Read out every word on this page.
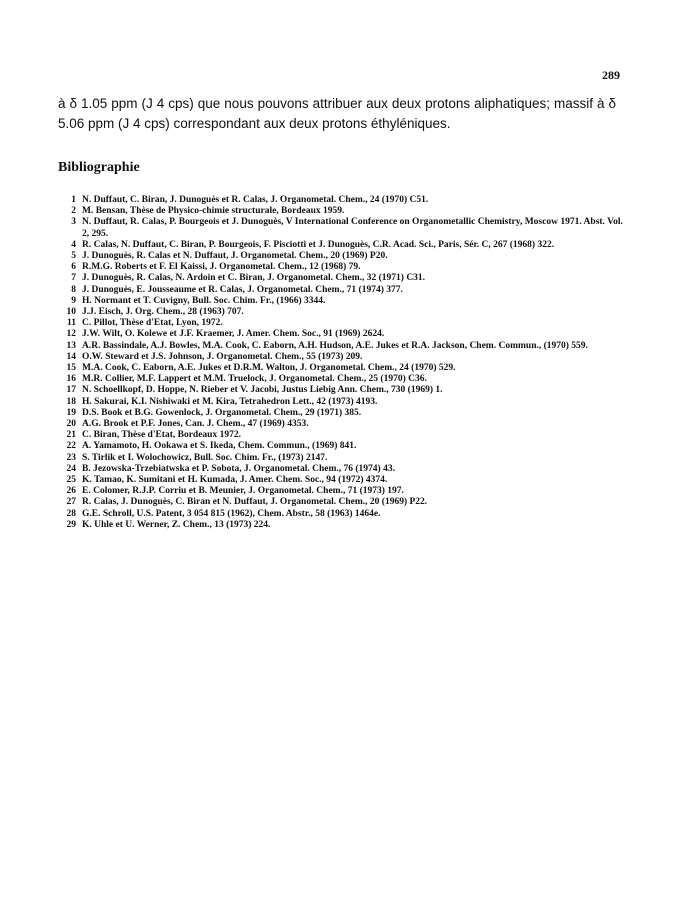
289

à δ 1.05 ppm (J 4 cps) que nous pouvons attribuer aux deux protons aliphatiques; massif à δ 5.06 ppm (J 4 cps) correspondant aux deux protons éthyléniques.

Bibliographie
1 N. Duffaut, C. Biran, J. Dunoguès et R. Calas, J. Organometal. Chem., 24 (1970) C51.
2 M. Bensan, Thèse de Physico-chimie structurale, Bordeaux 1959.
3 N. Duffaut, R. Calas, P. Bourgeois et J. Dunoguès, V International Conference on Organometallic Chemistry, Moscow 1971. Abst. Vol. 2, 295.
4 R. Calas, N. Duffaut, C. Biran, P. Bourgeois, F. Pisciotti et J. Dunoguès, C.R. Acad. Sci., Paris, Sér. C, 267 (1968) 322.
5 J. Dunoguès, R. Calas et N. Duffaut, J. Organometal. Chem., 20 (1969) P20.
6 R.M.G. Roberts et F. El Kaissi, J. Organometal. Chem., 12 (1968) 79.
7 J. Dunoguès, R. Calas, N. Ardoin et C. Biran, J. Organometal. Chem., 32 (1971) C31.
8 J. Dunoguès, E. Jousseaume et R. Calas, J. Organometal. Chem., 71 (1974) 377.
9 H. Normant et T. Cuvigny, Bull. Soc. Chim. Fr., (1966) 3344.
10 J.J. Eisch, J. Org. Chem., 28 (1963) 707.
11 C. Pillot, Thèse d'Etat, Lyon, 1972.
12 J.W. Wilt, O. Kolewe et J.F. Kraemer, J. Amer. Chem. Soc., 91 (1969) 2624.
13 A.R. Bassindale, A.J. Bowles, M.A. Cook, C. Eaborn, A.H. Hudson, A.E. Jukes et R.A. Jackson, Chem. Commun., (1970) 559.
14 O.W. Steward et J.S. Johnson, J. Organometal. Chem., 55 (1973) 209.
15 M.A. Cook, C. Eaborn, A.E. Jukes et D.R.M. Walton, J. Organometal. Chem., 24 (1970) 529.
16 M.R. Collier, M.F. Lappert et M.M. Truelock, J. Organometal. Chem., 25 (1970) C36.
17 N. Schoellkopf, D. Hoppe, N. Rieber et V. Jacobi, Justus Liebig Ann. Chem., 730 (1969) 1.
18 H. Sakurai, K.I. Nishiwaki et M. Kira, Tetrahedron Lett., 42 (1973) 4193.
19 D.S. Book et B.G. Gowenlock, J. Organometal. Chem., 29 (1971) 385.
20 A.G. Brook et P.F. Jones, Can. J. Chem., 47 (1969) 4353.
21 C. Biran, Thèse d'Etat, Bordeaux 1972.
22 A. Yamamoto, H. Ookawa et S. Ikeda, Chem. Commun., (1969) 841.
23 S. Tirlik et I. Wolochowicz, Bull. Soc. Chim. Fr., (1973) 2147.
24 B. Jezowska-Trzebiatwska et P. Sobota, J. Organometal. Chem., 76 (1974) 43.
25 K. Tamao, K. Sumitani et H. Kumada, J. Amer. Chem. Soc., 94 (1972) 4374.
26 E. Colomer, R.J.P. Corriu et B. Meunier, J. Organometal. Chem., 71 (1973) 197.
27 R. Calas, J. Dunoguès, C. Biran et N. Duffaut, J. Organometal. Chem., 20 (1969) P22.
28 G.E. Schroll, U.S. Patent, 3 054 815 (1962), Chem. Abstr., 58 (1963) 1464e.
29 K. Uhle et U. Werner, Z. Chem., 13 (1973) 224.
